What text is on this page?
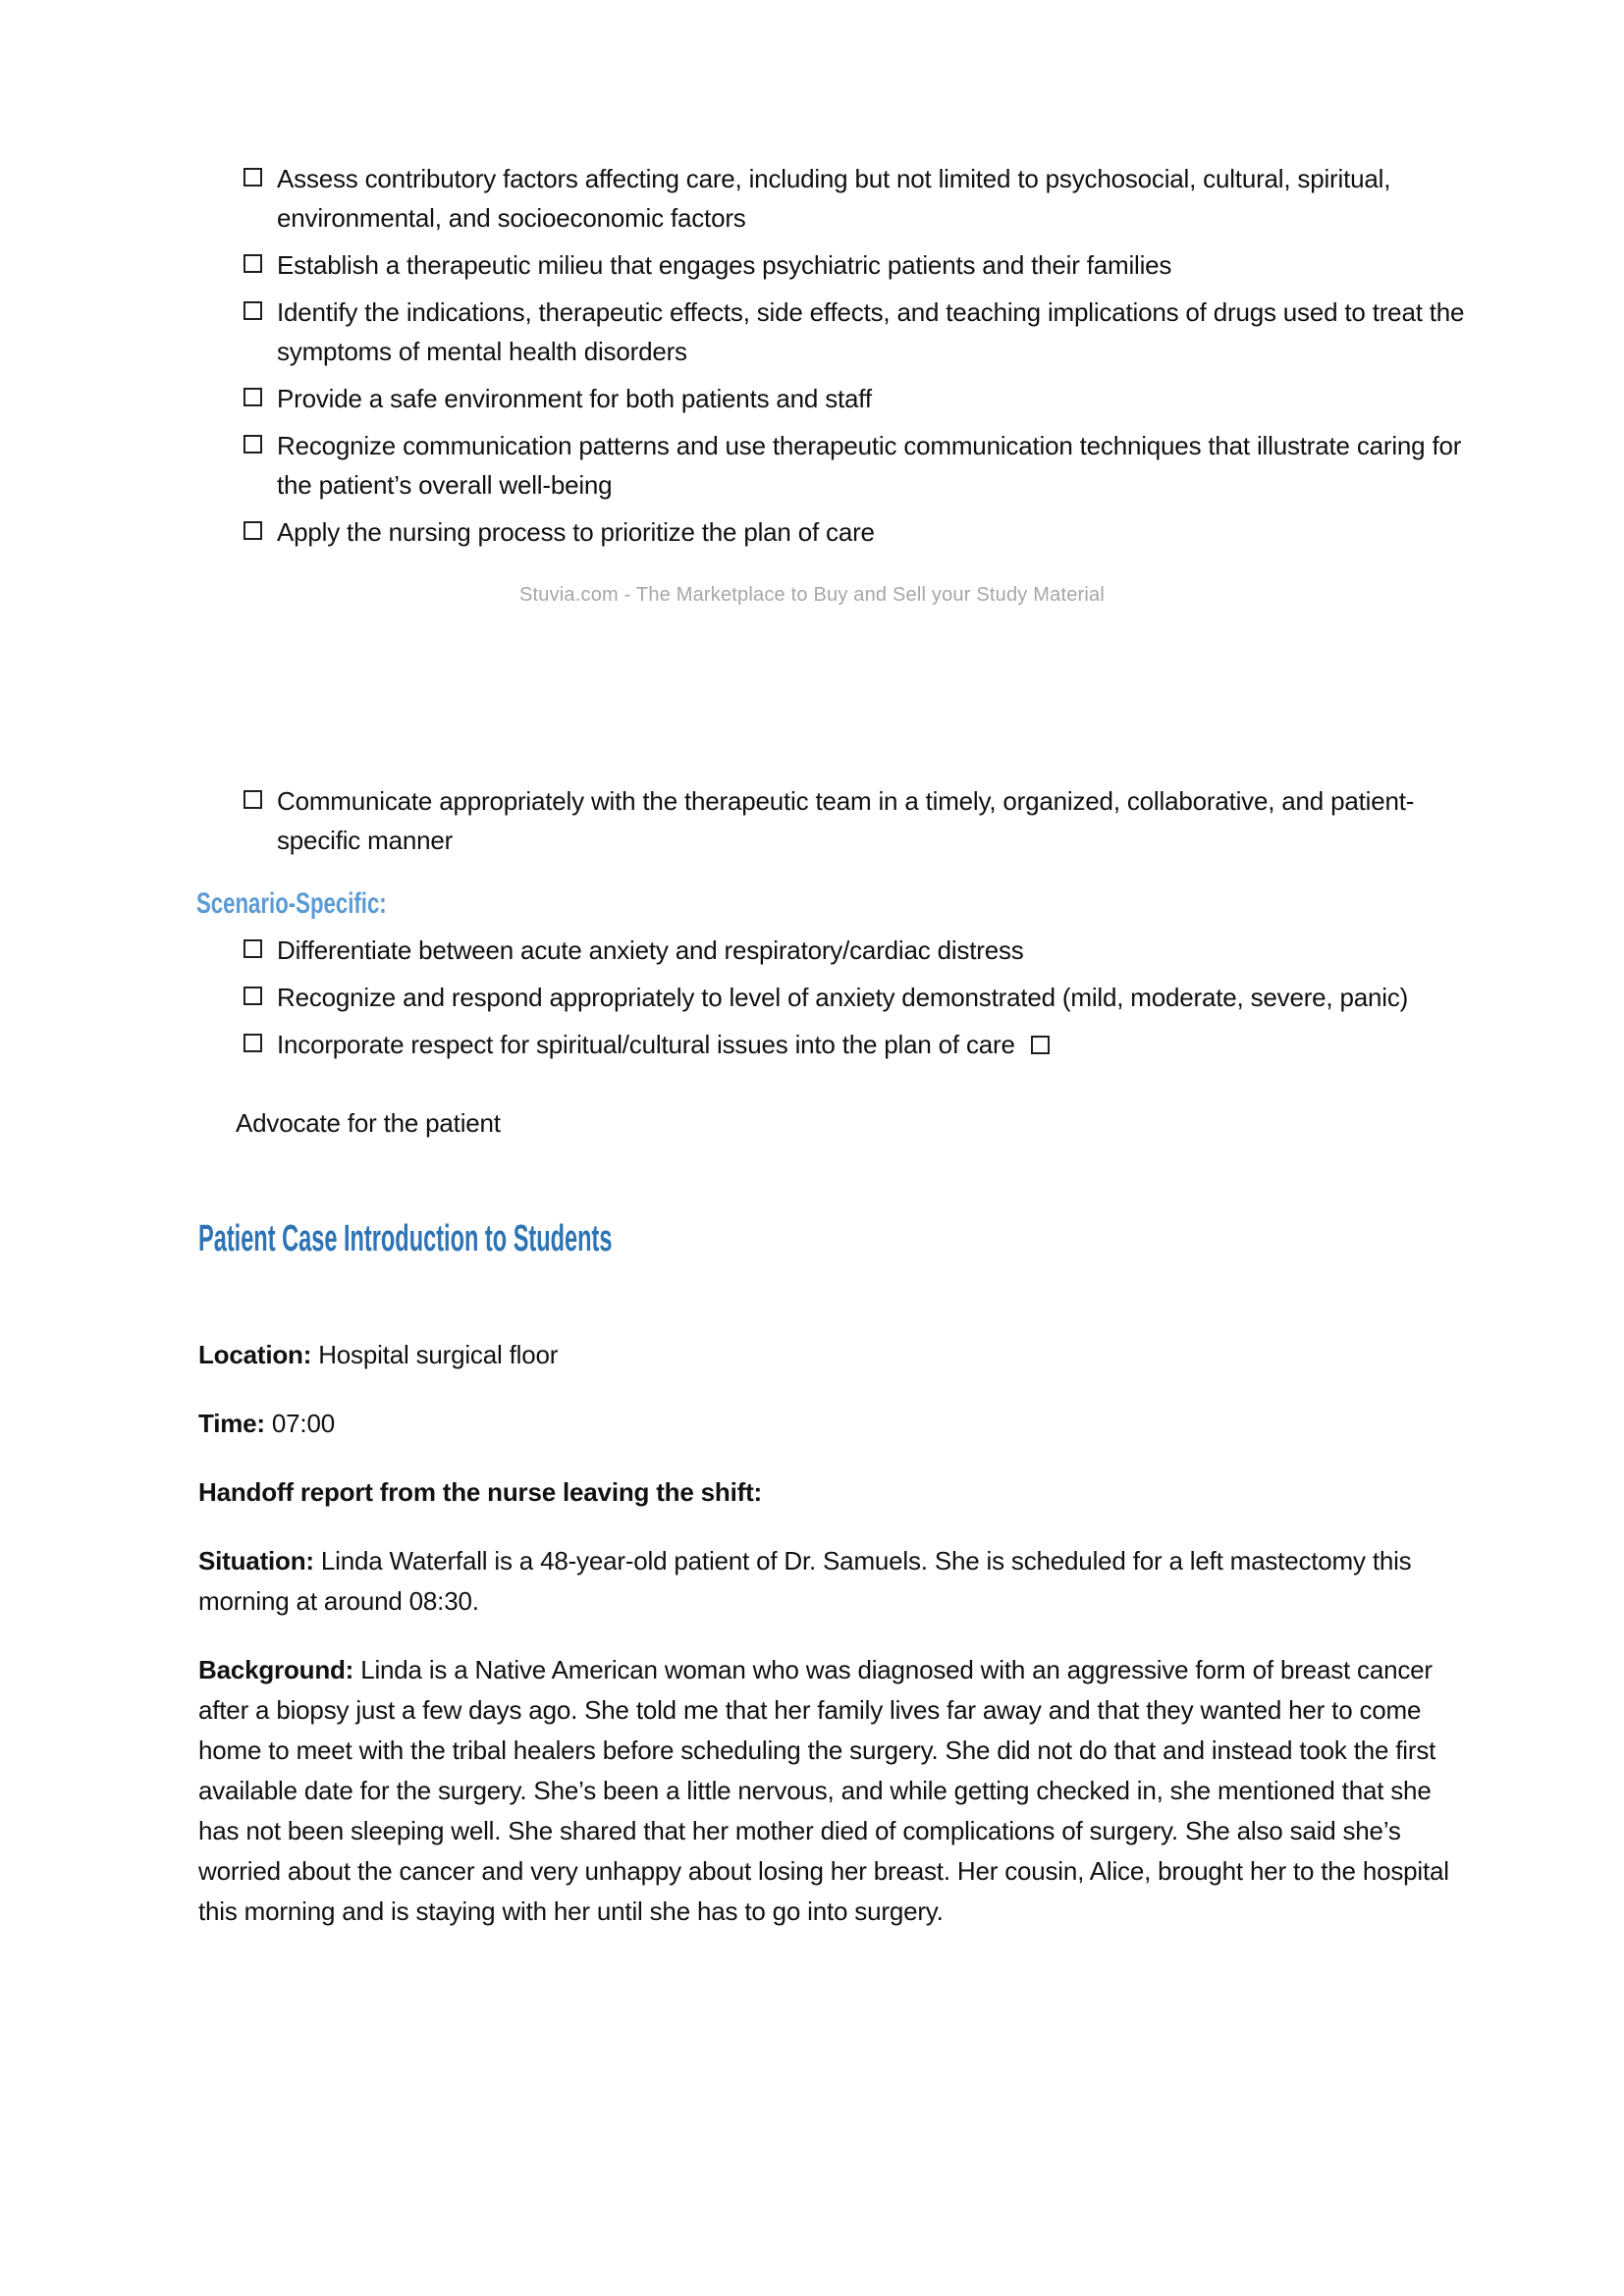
Assess contributory factors affecting care, including but not limited to psychosocial, cultural, spiritual, environmental, and socioeconomic factors
Establish a therapeutic milieu that engages psychiatric patients and their families
Identify the indications, therapeutic effects, side effects, and teaching implications of drugs used to treat the symptoms of mental health disorders
Provide a safe environment for both patients and staff
Recognize communication patterns and use therapeutic communication techniques that illustrate caring for the patient’s overall well-being
Apply the nursing process to prioritize the plan of care
Stuvia.com - The Marketplace to Buy and Sell your Study Material
Communicate appropriately with the therapeutic team in a timely, organized, collaborative, and patient-specific manner
Scenario-Specific:
Differentiate between acute anxiety and respiratory/cardiac distress
Recognize and respond appropriately to level of anxiety demonstrated (mild, moderate, severe, panic)
Incorporate respect for spiritual/cultural issues into the plan of care
Advocate for the patient
Patient Case Introduction to Students

Location: Hospital surgical floor

Time: 07:00

Handoff report from the nurse leaving the shift:

Situation: Linda Waterfall is a 48-year-old patient of Dr. Samuels. She is scheduled for a left mastectomy this morning at around 08:30.

Background: Linda is a Native American woman who was diagnosed with an aggressive form of breast cancer after a biopsy just a few days ago. She told me that her family lives far away and that they wanted her to come home to meet with the tribal healers before scheduling the surgery. She did not do that and instead took the first available date for the surgery. She’s been a little nervous, and while getting checked in, she mentioned that she has not been sleeping well. She shared that her mother died of complications of surgery. She also said she’s worried about the cancer and very unhappy about losing her breast. Her cousin, Alice, brought her to the hospital this morning and is staying with her until she has to go into surgery.
